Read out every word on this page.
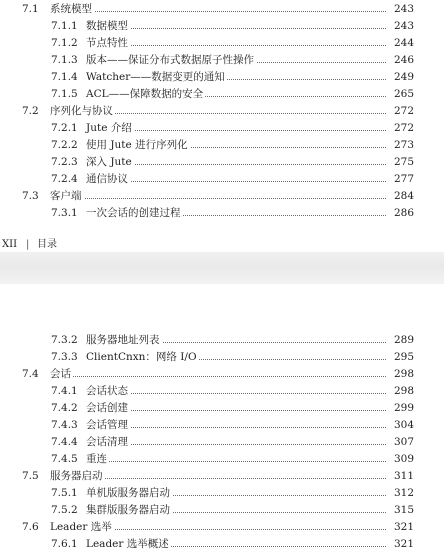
7.1 系统模型	243
7.1.1 数据模型	243
7.1.2 节点特性	244
7.1.3 版本——保证分布式数据原子性操作	246
7.1.4 Watcher——数据变更的通知	249
7.1.5 ACL——保障数据的安全	265
7.2 序列化与协议	272
7.2.1 Jute 介绍	272
7.2.2 使用 Jute 进行序列化	273
7.2.3 深入 Jute	275
7.2.4 通信协议	277
7.3 客户端	284
7.3.1 一次会话的创建过程	286
XII | 目录
7.3.2 服务器地址列表	289
7.3.3 ClientCnxn：网络 I/O	295
7.4 会话	298
7.4.1 会话状态	298
7.4.2 会话创建	299
7.4.3 会话管理	304
7.4.4 会话清理	307
7.4.5 重连	309
7.5 服务器启动	311
7.5.1 单机版服务器启动	312
7.5.2 集群版服务器启动	315
7.6 Leader 选举	321
7.6.1 Leader 选举概述	321
